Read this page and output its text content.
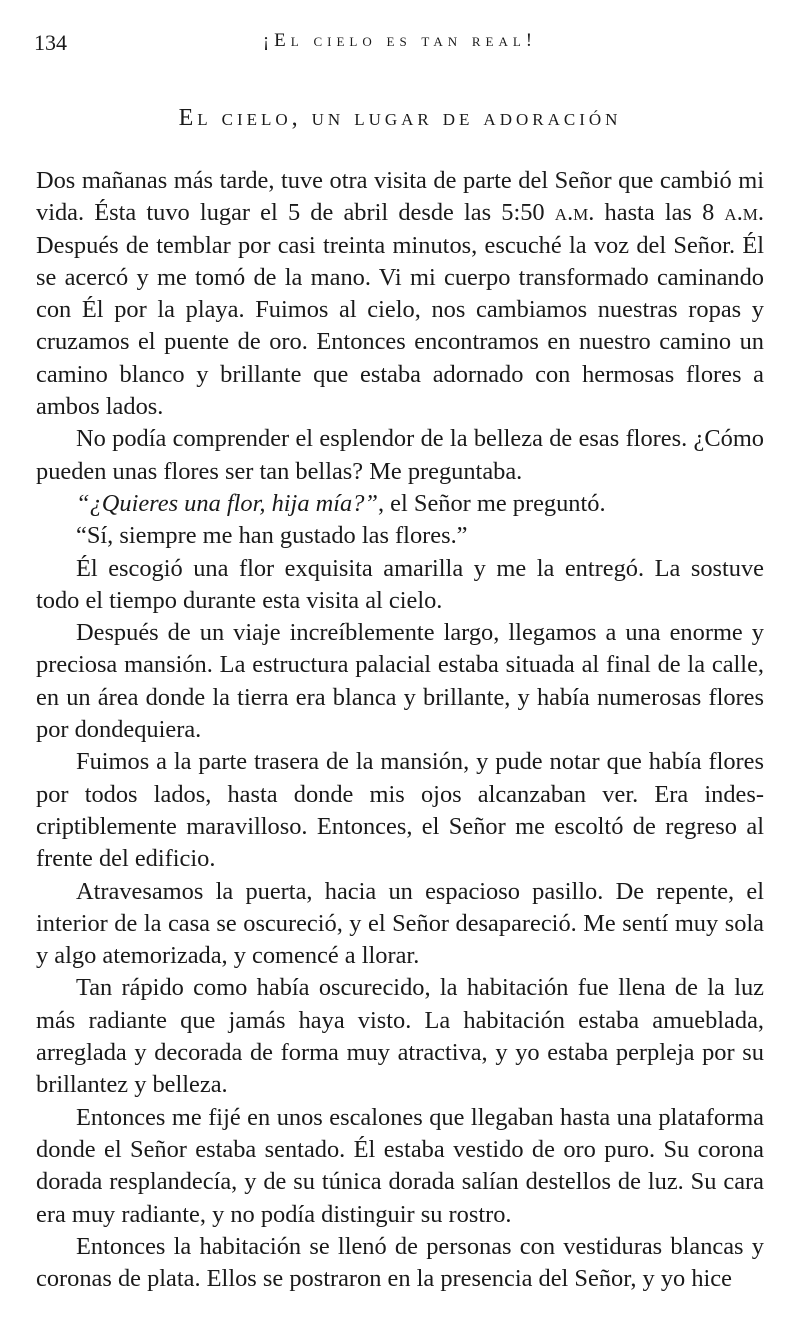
134	¡El cielo es tan real!
El cielo, un lugar de adoración

Dos mañanas más tarde, tuve otra visita de parte del Señor que cambió mi vida. Ésta tuvo lugar el 5 de abril desde las 5:50 a.m. hasta las 8 a.m. Después de temblar por casi treinta minutos, escuché la voz del Señor. Él se acercó y me tomó de la mano. Vi mi cuerpo transformado caminando con Él por la playa. Fuimos al cielo, nos cambiamos nuestras ropas y cruzamos el puente de oro. Entonces encontramos en nuestro camino un camino blanco y brillante que estaba adornado con hermosas flores a ambos lados.

No podía comprender el esplendor de la belleza de esas flores. ¿Cómo pueden unas flores ser tan bellas? Me preguntaba.

“¿Quieres una flor, hija mía?”, el Señor me preguntó.

“Sí, siempre me han gustado las flores.”

Él escogió una flor exquisita amarilla y me la entregó. La sostuve todo el tiempo durante esta visita al cielo.

Después de un viaje increíblemente largo, llegamos a una enorme y preciosa mansión. La estructura palacial estaba situada al final de la calle, en un área donde la tierra era blanca y brillante, y había numerosas flores por dondequiera.

Fuimos a la parte trasera de la mansión, y pude notar que había flores por todos lados, hasta donde mis ojos alcanzaban ver. Era indescriptiblemente maravilloso. Entonces, el Señor me escoltó de regreso al frente del edificio.

Atravesamos la puerta, hacia un espacioso pasillo. De repente, el interior de la casa se oscureció, y el Señor desapareció. Me sentí muy sola y algo atemorizada, y comencé a llorar.

Tan rápido como había oscurecido, la habitación fue llena de la luz más radiante que jamás haya visto. La habitación estaba amueblada, arreglada y decorada de forma muy atractiva, y yo estaba perpleja por su brillantez y belleza.

Entonces me fijé en unos escalones que llegaban hasta una plataforma donde el Señor estaba sentado. Él estaba vestido de oro puro. Su corona dorada resplandecía, y de su túnica dorada salían destellos de luz. Su cara era muy radiante, y no podía distinguir su rostro.

Entonces la habitación se llenó de personas con vestiduras blancas y coronas de plata. Ellos se postraron en la presencia del Señor, y yo hice
